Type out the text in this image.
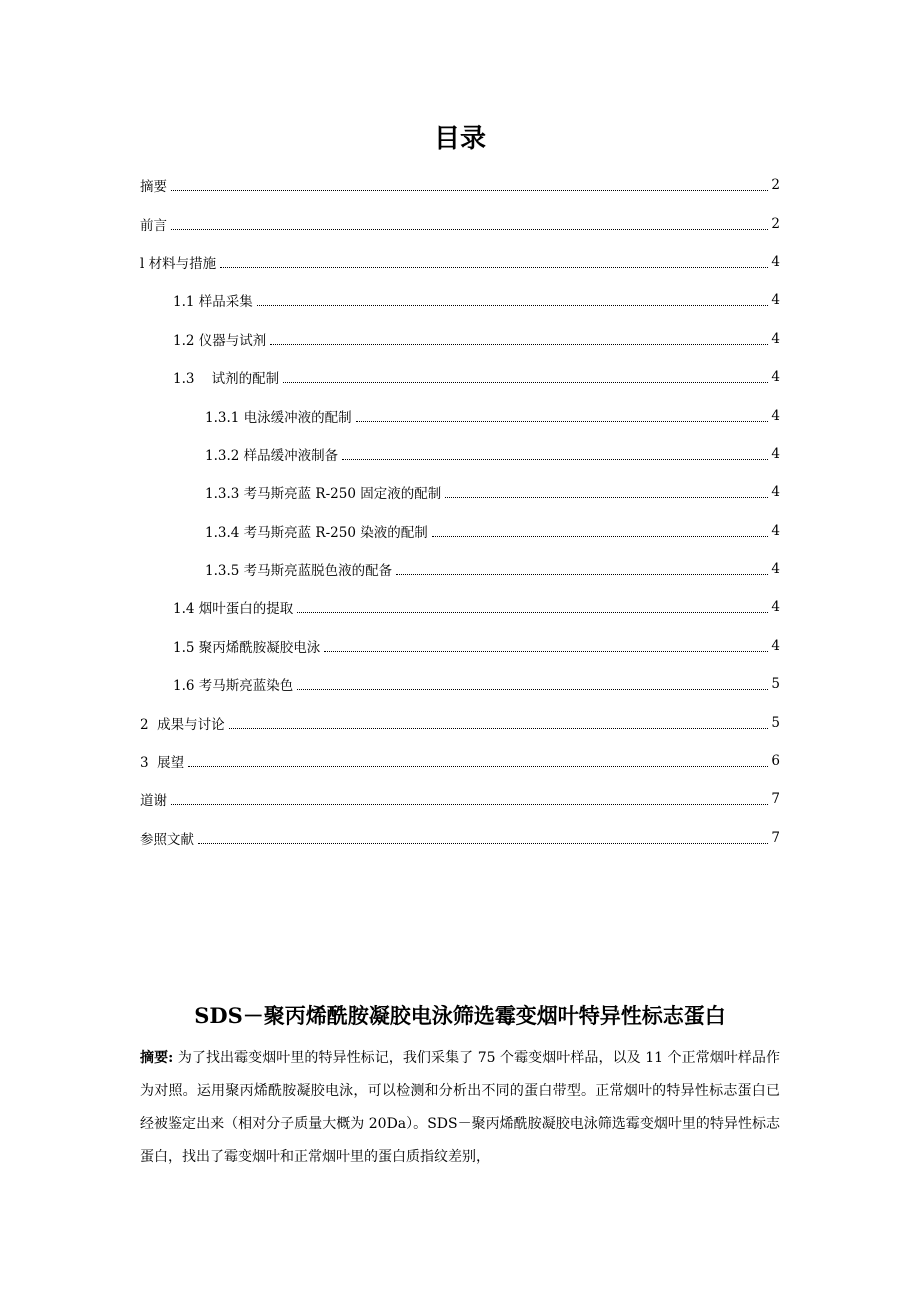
目录
摘要	2
前言	2
l 材料与措施	4
1.1 样品采集	4
1.2 仪器与试剂	4
1.3    试剂的配制	4
1.3.1 电泳缓冲液的配制	4
1.3.2 样品缓冲液制备	4
1.3.3 考马斯亮蓝 R-250 固定液的配制	4
1.3.4 考马斯亮蓝 R-250 染液的配制	4
1.3.5 考马斯亮蓝脱色液的配备	4
1.4 烟叶蛋白的提取	4
1.5 聚丙烯酰胺凝胶电泳	4
1.6 考马斯亮蓝染色	5
2  成果与讨论	5
3  展望	6
道谢	7
参照文献	7
SDS－聚丙烯酰胺凝胶电泳筛选霉变烟叶特异性标志蛋白
摘要: 为了找出霉变烟叶里的特异性标记，我们采集了 75 个霉变烟叶样品，以及 11 个正常烟叶样品作为对照。运用聚丙烯酰胺凝胶电泳，可以检测和分析出不同的蛋白带型。正常烟叶的特异性标志蛋白已经被鉴定出来（相对分子质量大概为 20Da）。SDS－聚丙烯酰胺凝胶电泳筛选霉变烟叶里的特异性标志蛋白，找出了霉变烟叶和正常烟叶里的蛋白质指纹差别，
